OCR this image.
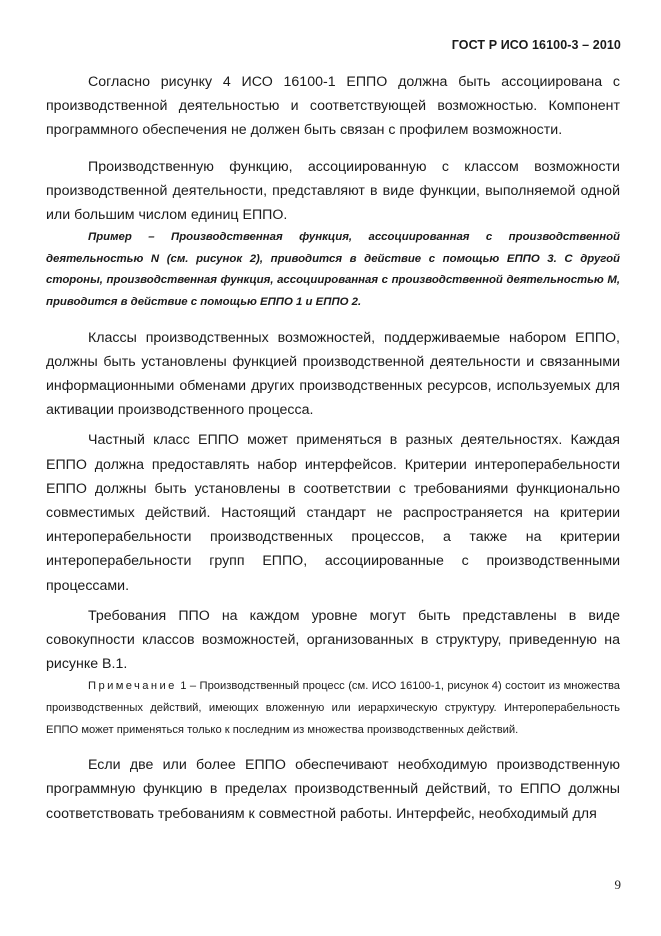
ГОСТ Р ИСО 16100-3 – 2010

Согласно рисунку 4 ИСО 16100-1 ЕППО должна быть ассоциирована с производственной деятельностью и соответствующей возможностью. Компонент программного обеспечения не должен быть связан с профилем возможности.

Производственную функцию, ассоциированную с классом возможности производственной деятельности, представляют в виде функции, выполняемой одной или большим числом единиц ЕППО.

Пример – Производственная функция, ассоциированная с производственной деятельностью N (см. рисунок 2), приводится в действие с помощью ЕППО 3. С другой стороны, производственная функция, ассоциированная с производственной деятельностью M, приводится в действие с помощью ЕППО 1 и ЕППО 2.

Классы производственных возможностей, поддерживаемые набором ЕППО, должны быть установлены функцией производственной деятельности и связанными информационными обменами других производственных ресурсов, используемых для активации производственного процесса.

Частный класс ЕППО может применяться в разных деятельностях. Каждая ЕППО должна предоставлять набор интерфейсов. Критерии интероперабельности ЕППО должны быть установлены в соответствии с требованиями функционально совместимых действий. Настоящий стандарт не распространяется на критерии интероперабельности производственных процессов, а также на критерии интероперабельности групп ЕППО, ассоциированные с производственными процессами.

Требования ППО на каждом уровне могут быть представлены в виде совокупности классов возможностей, организованных в структуру, приведенную на рисунке В.1.

Примечание 1 – Производственный процесс (см. ИСО 16100-1, рисунок 4) состоит из множества производственных действий, имеющих вложенную или иерархическую структуру. Интероперабельность ЕППО может применяться только к последним из множества производственных действий.

Если две или более ЕППО обеспечивают необходимую производственную программную функцию в пределах производственный действий, то ЕППО должны соответствовать требованиям к совместной работы. Интерфейс, необходимый для

9
